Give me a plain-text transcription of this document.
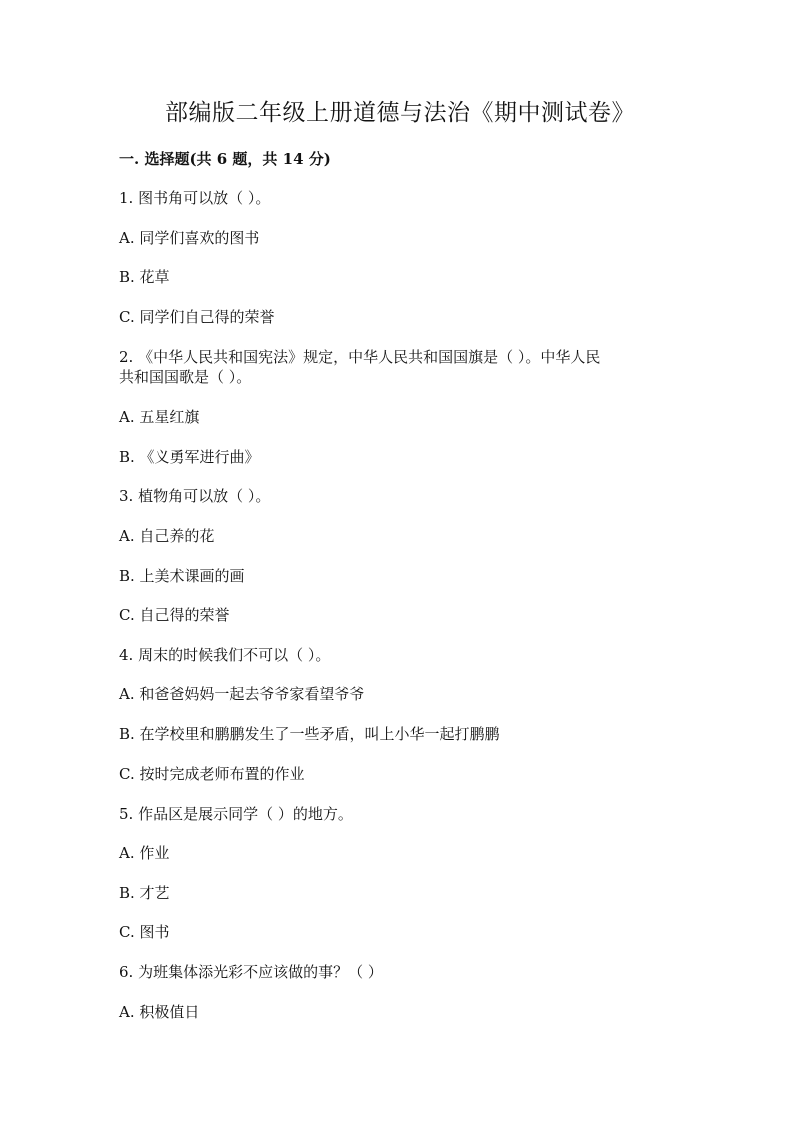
部编版二年级上册道德与法治《期中测试卷》
一. 选择题(共 6 题，共 14 分)
1. 图书角可以放（ ）。
A. 同学们喜欢的图书
B. 花草
C. 同学们自己得的荣誉
2. 《中华人民共和国宪法》规定，中华人民共和国国旗是（ ）。中华人民
共和国国歌是（ ）。
A. 五星红旗
B. 《义勇军进行曲》
3. 植物角可以放（ ）。
A. 自己养的花
B. 上美术课画的画
C. 自己得的荣誉
4. 周末的时候我们不可以（ ）。
A. 和爸爸妈妈一起去爷爷家看望爷爷
B. 在学校里和鹏鹏发生了一些矛盾，叫上小华一起打鹏鹏
C. 按时完成老师布置的作业
5. 作品区是展示同学（ ）的地方。
A. 作业
B. 才艺
C. 图书
6. 为班集体添光彩不应该做的事？（ ）
A. 积极值日
